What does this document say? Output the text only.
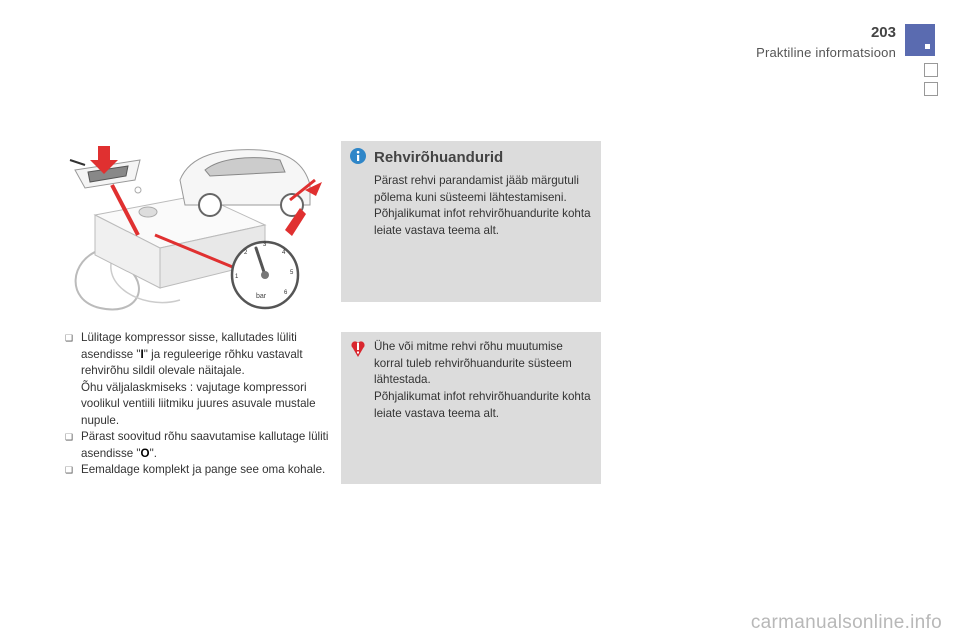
203
Praktiline informatsioon
1
2
3
4
5
6
bar
Rehvirõhuandurid

Pärast rehvi parandamist jääb märgutuli põlema kuni süsteemi lähtestamiseni.

Põhjalikumat infot rehvirõhuandurite kohta leiate vastava teema alt.

Ühe või mitme rehvi rõhu muutumise korral tuleb rehvirõhuandurite süsteem lähtestada.

Põhjalikumat infot rehvirõhuandurite kohta leiate vastava teema alt.

❑ Lülitage kompressor sisse, kallutades lüliti asendisse "I" ja reguleerige rõhku vastavalt rehvirõhu sildil olevale näitajale.

Õhu väljalaskmiseks : vajutage kompressori voolikul ventiili liitmiku juures asuvale mustale nupule.

❑ Pärast soovitud rõhu saavutamise kallutage lüliti asendisse "O".

❑ Eemaldage komplekt ja pange see oma kohale.

carmanualsonline.info
